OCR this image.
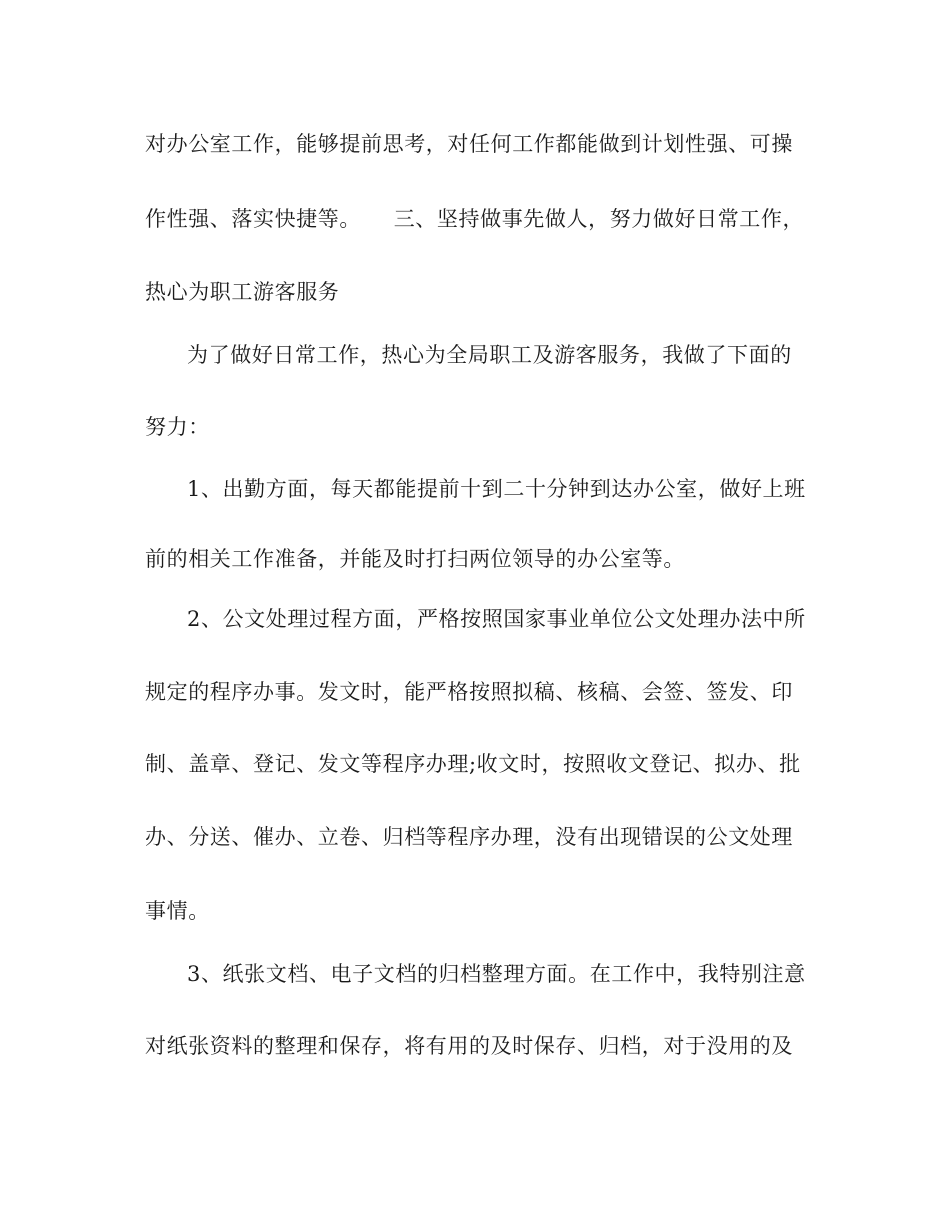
对办公室工作，能够提前思考，对任何工作都能做到计划性强、可操
作性强、落实快捷等。　　三、坚持做事先做人，努力做好日常工作，
热心为职工游客服务
为了做好日常工作，热心为全局职工及游客服务，我做了下面的
努力：
1、出勤方面，每天都能提前十到二十分钟到达办公室，做好上班
前的相关工作准备，并能及时打扫两位领导的办公室等。
2、公文处理过程方面，严格按照国家事业单位公文处理办法中所
规定的程序办事。发文时，能严格按照拟稿、核稿、会签、签发、印
制、盖章、登记、发文等程序办理;收文时，按照收文登记、拟办、批
办、分送、催办、立卷、归档等程序办理，没有出现错误的公文处理
事情。
3、纸张文档、电子文档的归档整理方面。在工作中，我特别注意
对纸张资料的整理和保存，将有用的及时保存、归档，对于没用的及
